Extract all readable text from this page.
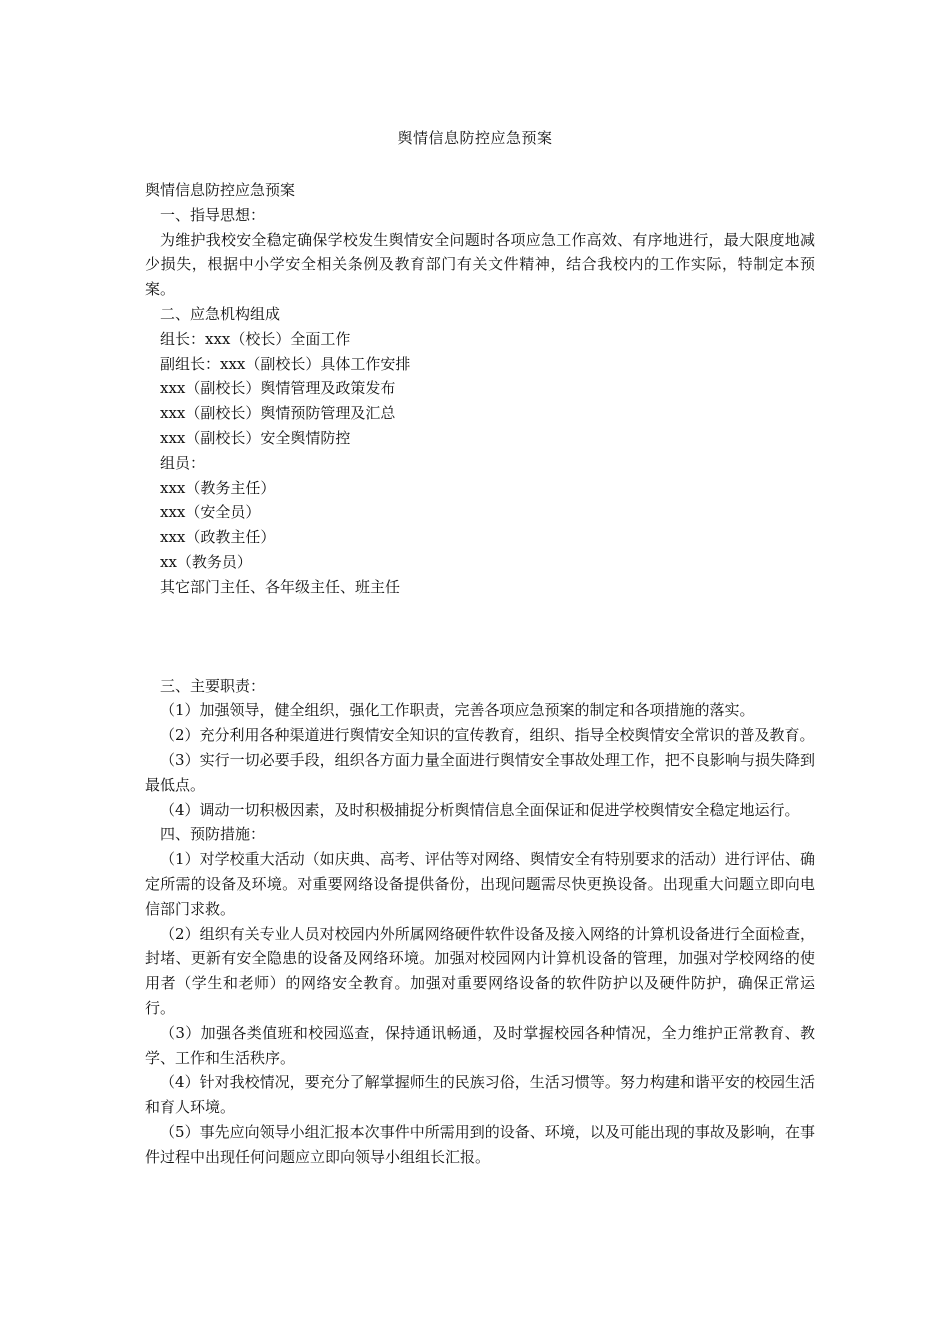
舆情信息防控应急预案

舆情信息防控应急预案

一、指导思想：

为维护我校安全稳定确保学校发生舆情安全问题时各项应急工作高效、有序地进行，最大限度地减少损失，根据中小学安全相关条例及教育部门有关文件精神，结合我校内的工作实际，特制定本预案。

二、应急机构组成

组长：xxx（校长）全面工作

副组长：xxx（副校长）具体工作安排

xxx（副校长）舆情管理及政策发布

xxx（副校长）舆情预防管理及汇总

xxx（副校长）安全舆情防控

组员：

xxx（教务主任）

xxx（安全员）

xxx（政教主任）

xx（教务员）

其它部门主任、各年级主任、班主任

三、主要职责：

（1）加强领导，健全组织，强化工作职责，完善各项应急预案的制定和各项措施的落实。

（2）充分利用各种渠道进行舆情安全知识的宣传教育，组织、指导全校舆情安全常识的普及教育。

（3）实行一切必要手段，组织各方面力量全面进行舆情安全事故处理工作，把不良影响与损失降到最低点。

（4）调动一切积极因素，及时积极捕捉分析舆情信息全面保证和促进学校舆情安全稳定地运行。

四、预防措施：

（1）对学校重大活动（如庆典、高考、评估等对网络、舆情安全有特别要求的活动）进行评估、确定所需的设备及环境。对重要网络设备提供备份，出现问题需尽快更换设备。出现重大问题立即向电信部门求救。

（2）组织有关专业人员对校园内外所属网络硬件软件设备及接入网络的计算机设备进行全面检查，封堵、更新有安全隐患的设备及网络环境。加强对校园网内计算机设备的管理，加强对学校网络的使用者（学生和老师）的网络安全教育。加强对重要网络设备的软件防护以及硬件防护，确保正常运行。

（3）加强各类值班和校园巡查，保持通讯畅通，及时掌握校园各种情况，全力维护正常教育、教学、工作和生活秩序。

（4）针对我校情况，要充分了解掌握师生的民族习俗，生活习惯等。努力构建和谐平安的校园生活和育人环境。

（5）事先应向领导小组汇报本次事件中所需用到的设备、环境，以及可能出现的事故及影响，在事件过程中出现任何问题应立即向领导小组组长汇报。
